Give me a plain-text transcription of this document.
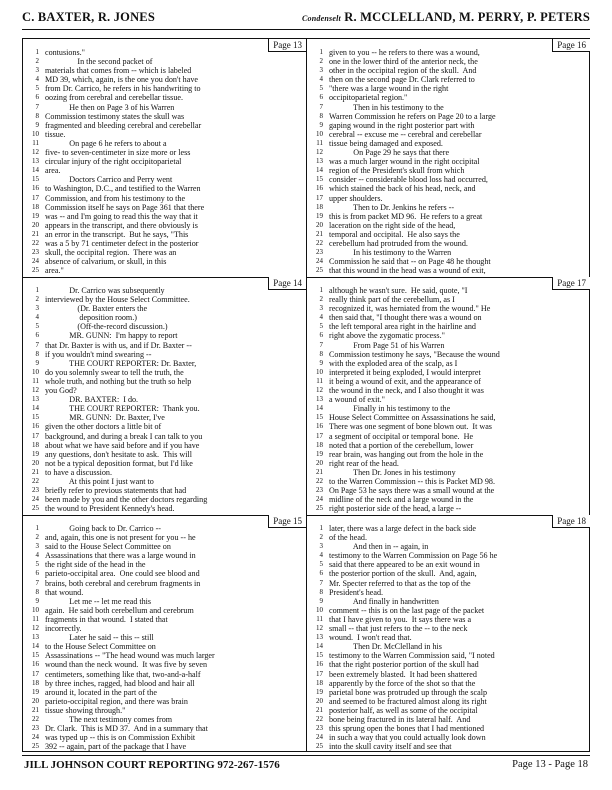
C. BAXTER, R. JONES	Condenselt R. MCCLELLAND, M. PERRY, P. PETERS
Page 13
1 contusions."
2 In the second packet of
3 materials that comes from -- which is labeled
4 MD 39, which, again, is the one you don't have
5 from Dr. Carrico, he refers in his handwriting to
6 oozing from cerebral and cerebellar tissue.
7 He then on Page 3 of his Warren
8 Commission testimony states the skull was
9 fragmented and bleeding cerebral and cerebellar
10 tissue.
11 On page 6 he refers to about a
12 five- to seven-centimeter in size more or less
13 circular injury of the right occipitoparietal
14 area.
15 Doctors Carrico and Perry went
16 to Washington, D.C., and testified to the Warren
17 Commission, and from his testimony to the
18 Commission itself he says on Page 361 that there
19 was -- and I'm going to read this the way that it
20 appears in the transcript, and there obviously is
21 an error in the transcript.  But he says, "This
22 was a 5 by 71 centimeter defect in the posterior
23 skull, the occipital region.  There was an
24 absence of calvarium, or skull, in this
25 area."
Page 16
1 given to you -- he refers to there was a wound,
2 one in the lower third of the anterior neck, the
3 other in the occipital region of the skull.  And
4 then on the second page Dr. Clark referred to
5 "there was a large wound in the right
6 occipitoparietal region."
7 Then in his testimony to the
8 Warren Commission he refers on Page 20 to a large
9 gaping wound in the right posterior part with
10 cerebral -- excuse me -- cerebral and cerebellar
11 tissue being damaged and exposed.
12 On Page 29 he says that there
13 was a much larger wound in the right occipital
14 region of the President's skull from which
15 consider -- considerable blood loss had occurred,
16 which stained the back of his head, neck, and
17 upper shoulders.
18 Then to Dr. Jenkins he refers --
19 this is from packet MD 96.  He refers to a great
20 laceration on the right side of the head,
21 temporal and occipital.  He also says the
22 cerebellum had protruded from the wound.
23 In his testimony to the Warren
24 Commission he said that -- on Page 48 he thought
25 that this wound in the head was a wound of exit,
Page 14
1 Dr. Carrico was subsequently
2 interviewed by the House Select Committee.
3 (Dr. Baxter enters the
4 deposition room.)
5 (Off-the-record discussion.)
6 MR. GUNN:  I'm happy to report
7 that Dr. Baxter is with us, and if Dr. Baxter --
8 if you wouldn't mind swearing --
9 THE COURT REPORTER: Dr. Baxter,
10 do you solemnly swear to tell the truth, the
11 whole truth, and nothing but the truth so help
12 you God?
13 DR. BAXTER:  I do.
14 THE COURT REPORTER:  Thank you.
15 MR. GUNN:  Dr. Baxter, I've
16 given the other doctors a little bit of
17 background, and during a break I can talk to you
18 about what we have said before and if you have
19 any questions, don't hesitate to ask.  This will
20 not be a typical deposition format, but I'd like
21 to have a discussion.
22 At this point I just want to
23 briefly refer to previous statements that had
24 been made by you and the other doctors regarding
25 the wound to President Kennedy's head.
Page 17
1 although he wasn't sure.  He said, quote, "I
2 really think part of the cerebellum, as I
3 recognized it, was herniated from the wound." He
4 then said that, "I thought there was a wound on
5 the left temporal area right in the hairline and
6 right above the zygomatic process."
7 From Page 51 of his Warren
8 Commission testimony he says, "Because the wound
9 with the exploded area of the scalp, as I
10 interpreted it being exploded, I would interpret
11 it being a wound of exit, and the appearance of
12 the wound in the neck, and I also thought it was
13 a wound of exit."
14 Finally in his testimony to the
15 House Select Committee on Assassinations he said,
16 There was one segment of bone blown out.  It was
17 a segment of occipital or temporal bone.  He
18 noted that a portion of the cerebellum, lower
19 rear brain, was hanging out from the hole in the
20 right rear of the head.
21 Then Dr. Jones in his testimony
22 to the Warren Commission -- this is Packet MD 98.
23 On Page 53 he says there was a small wound at the
24 midline of the neck and a large wound in the
25 right posterior side of the head, a large --
Page 15
1 Going back to Dr. Carrico --
2 and, again, this one is not present for you -- he
3 said to the House Select Committee on
4 Assassinations that there was a large wound in
5 the right side of the head in the
6 parieto-occipital area.  One could see blood and
7 brains, both cerebral and cerebrum fragments in
8 that wound.
9 Let me -- let me read this
10 again.  He said both cerebellum and cerebrum
11 fragments in that wound.  I stated that
12 incorrectly.
13 Later he said -- this -- still
14 to the House Select Committee on
15 Assassinations -- "The head wound was much larger
16 wound than the neck wound.  It was five by seven
17 centimeters, something like that, two-and-a-half
18 by three inches, ragged, had blood and hair all
19 around it, located in the part of the
20 parieto-occipital region, and there was brain
21 tissue showing through."
22 The next testimony comes from
23 Dr. Clark.  This is MD 37.  And in a summary that
24 was typed up -- this is on Commission Exhibit
25 392 -- again, part of the package that I have
Page 18
1 later, there was a large defect in the back side
2 of the head.
3 And then in -- again, in
4 testimony to the Warren Commission on Page 56 he
5 said that there appeared to be an exit wound in
6 the posterior portion of the skull.  And, again,
7 Mr. Specter referred to that as the top of the
8 President's head.
9 And finally in handwritten
10 comment -- this is on the last page of the packet
11 that I have given to you.  It says there was a
12 small -- that just refers to the -- to the neck
13 wound.  I won't read that.
14 Then Dr. McClelland in his
15 testimony to the Warren Commission said, "I noted
16 that the right posterior portion of the skull had
17 been extremely blasted.  It had been shattered
18 apparently by the force of the shot so that the
19 parietal bone was protruded up through the scalp
20 and seemed to be fractured almost along its right
21 posterior half, as well as some of the occipital
22 bone being fractured in its lateral half.  And
23 this sprung open the bones that I had mentioned
24 in such a way that you could actually look down
25 into the skull cavity itself and see that
JILL JOHNSON COURT REPORTING 972-267-1576	Page 13 - Page 18
